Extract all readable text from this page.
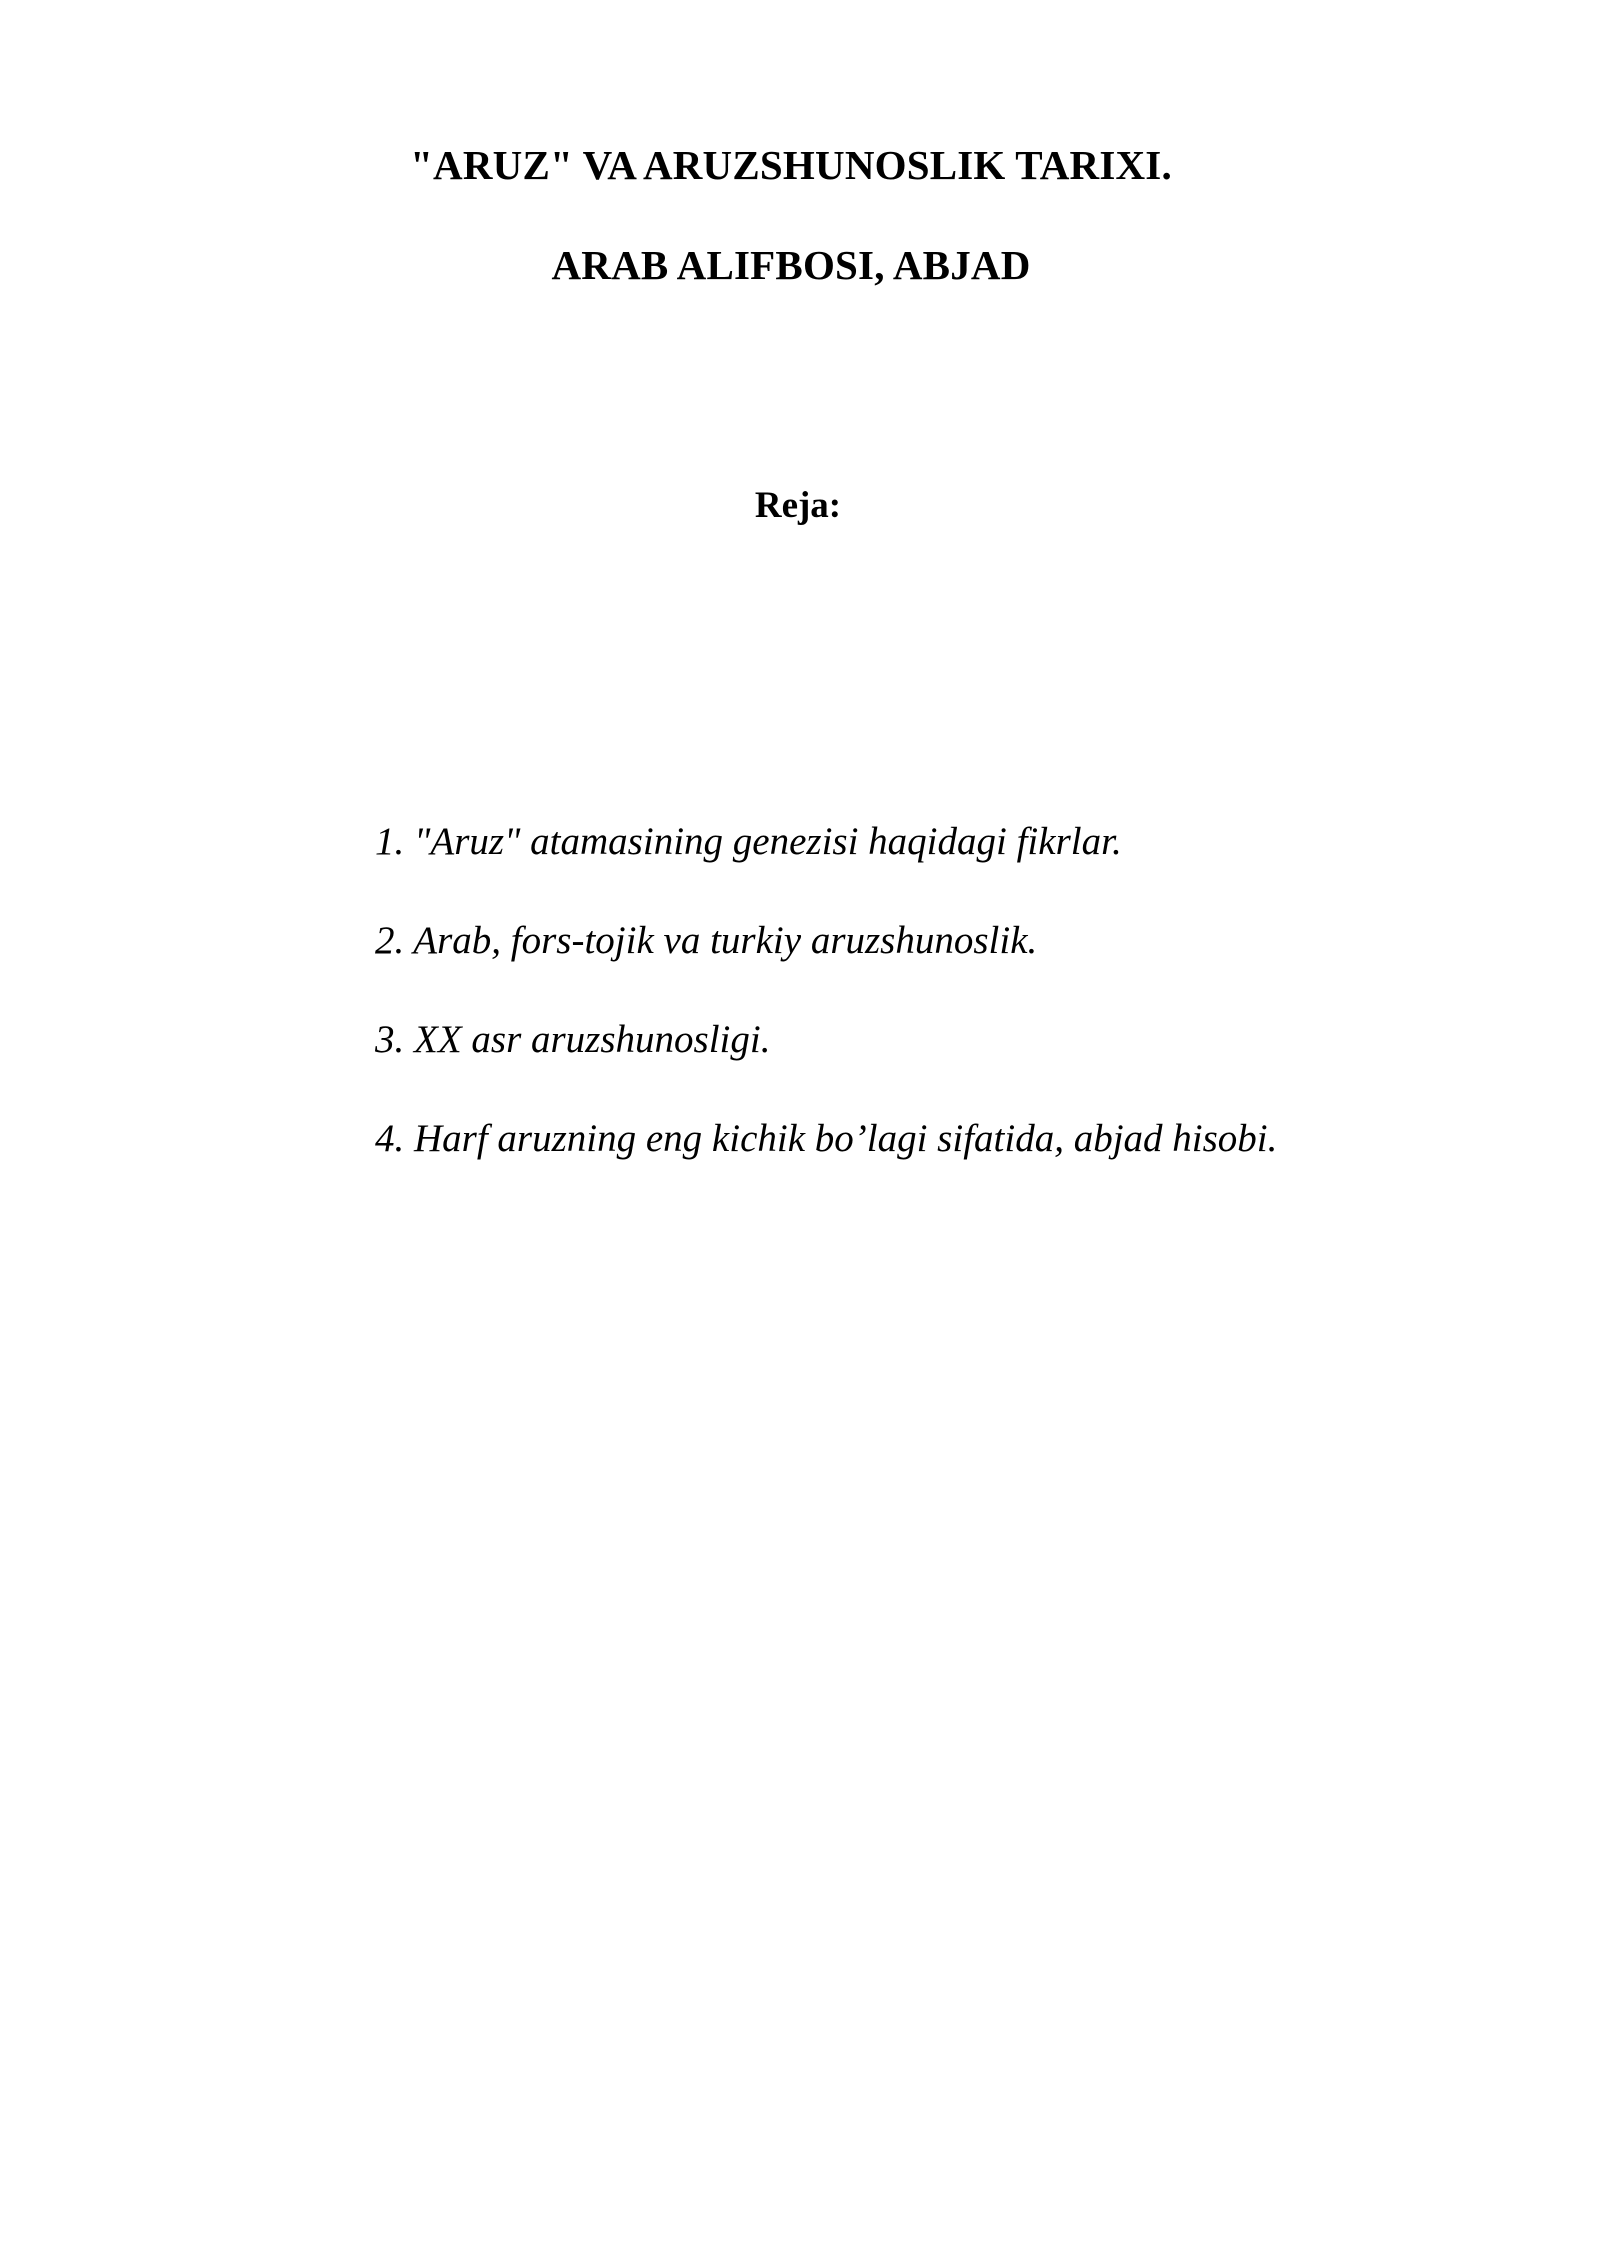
"ARUZ" VA ARUZSHUNOSLIK TARIXI.
ARAB ALIFBOSI, ABJAD
Reja:
1. "Aruz" atamasining genezisi haqidagi fikrlar.
2. Arab, fors-tojik va turkiy aruzshunoslik.
3. XX asr aruzshunosligi.
4. Harf aruzning eng kichik bo’lagi sifatida, abjad hisobi.
